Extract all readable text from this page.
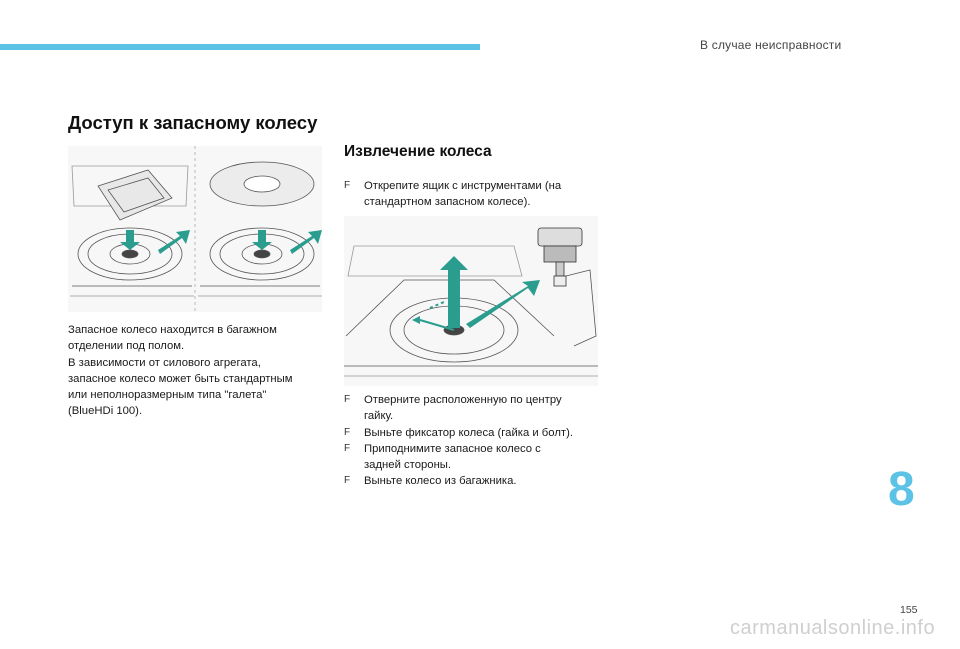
В случае неисправности
Доступ к запасному колесу
Запасное колесо находится в багажном
отделении под полом.
В зависимости от силового агрегата,
запасное колесо может быть стандартным
или неполноразмерным типа "галета"
(BlueHDi 100).
Извлечение колеса
F Открепите ящик с инструментами (на
стандартном запасном колесе).
F Отверните расположенную по центру
гайку.
F Выньте фиксатор колеса (гайка и болт).
F Приподнимите запасное колесо с
задней стороны.
F Выньте колесо из багажника.	8
155
carmanualsonline.info
